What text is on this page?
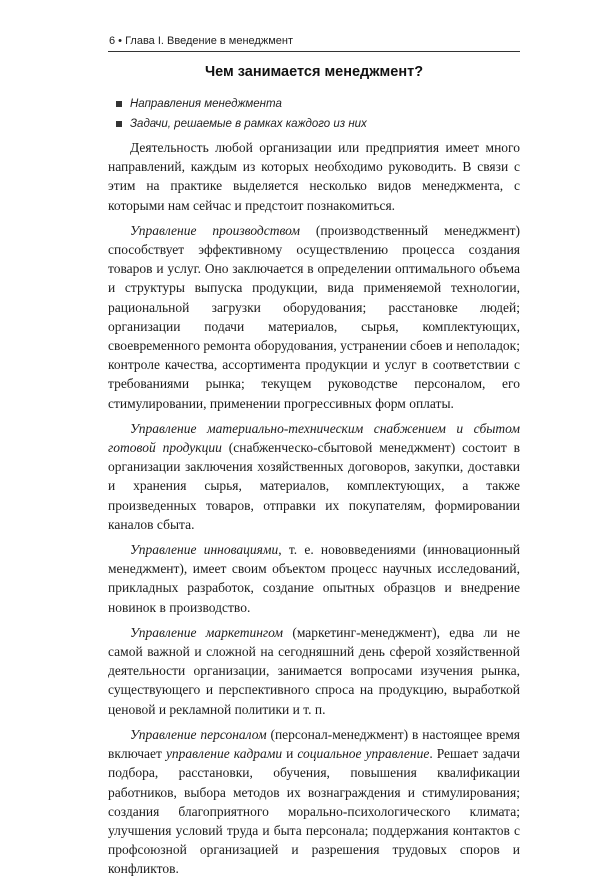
6 • Глава I. Введение в менеджмент
Чем занимается менеджмент?
Направления менеджмента
Задачи, решаемые в рамках каждого из них

Деятельность любой организации или предприятия имеет много направлений, каждым из которых необходимо руководить. В связи с этим на практике выделяется несколько видов менеджмента, с которыми нам сейчас и предстоит познакомиться.

Управление производством (производственный менеджмент) способствует эффективному осуществлению процесса создания товаров и услуг. Оно заключается в определении оптимального объема и структуры выпуска продукции, вида применяемой технологии, рациональной загрузки оборудования; расстановке людей; организации подачи материалов, сырья, комплектующих, своевременного ремонта оборудования, устранении сбоев и неполадок; контроле качества, ассортимента продукции и услуг в соответствии с требованиями рынка; текущем руководстве персоналом, его стимулировании, применении прогрессивных форм оплаты.

Управление материально-техническим снабжением и сбытом готовой продукции (снабженческо-сбытовой менеджмент) состоит в организации заключения хозяйственных договоров, закупки, доставки и хранения сырья, материалов, комплектующих, а также произведенных товаров, отправки их покупателям, формировании каналов сбыта.

Управление инновациями, т. е. нововведениями (инновационный менеджмент), имеет своим объектом процесс научных исследований, прикладных разработок, создание опытных образцов и внедрение новинок в производство.

Управление маркетингом (маркетинг-менеджмент), едва ли не самой важной и сложной на сегодняшний день сферой хозяйственной деятельности организации, занимается вопросами изучения рынка, существующего и перспективного спроса на продукцию, выработкой ценовой и рекламной политики и т. п.

Управление персоналом (персонал-менеджмент) в настоящее время включает управление кадрами и социальное управление. Решает задачи подбора, расстановки, обучения, повышения квалификации работников, выбора методов их вознаграждения и стимулирования; создания благоприятного морально-психологического климата; улучшения условий труда и быта персонала; поддержания контактов с профсоюзной организацией и разрешения трудовых споров и конфликтов.
